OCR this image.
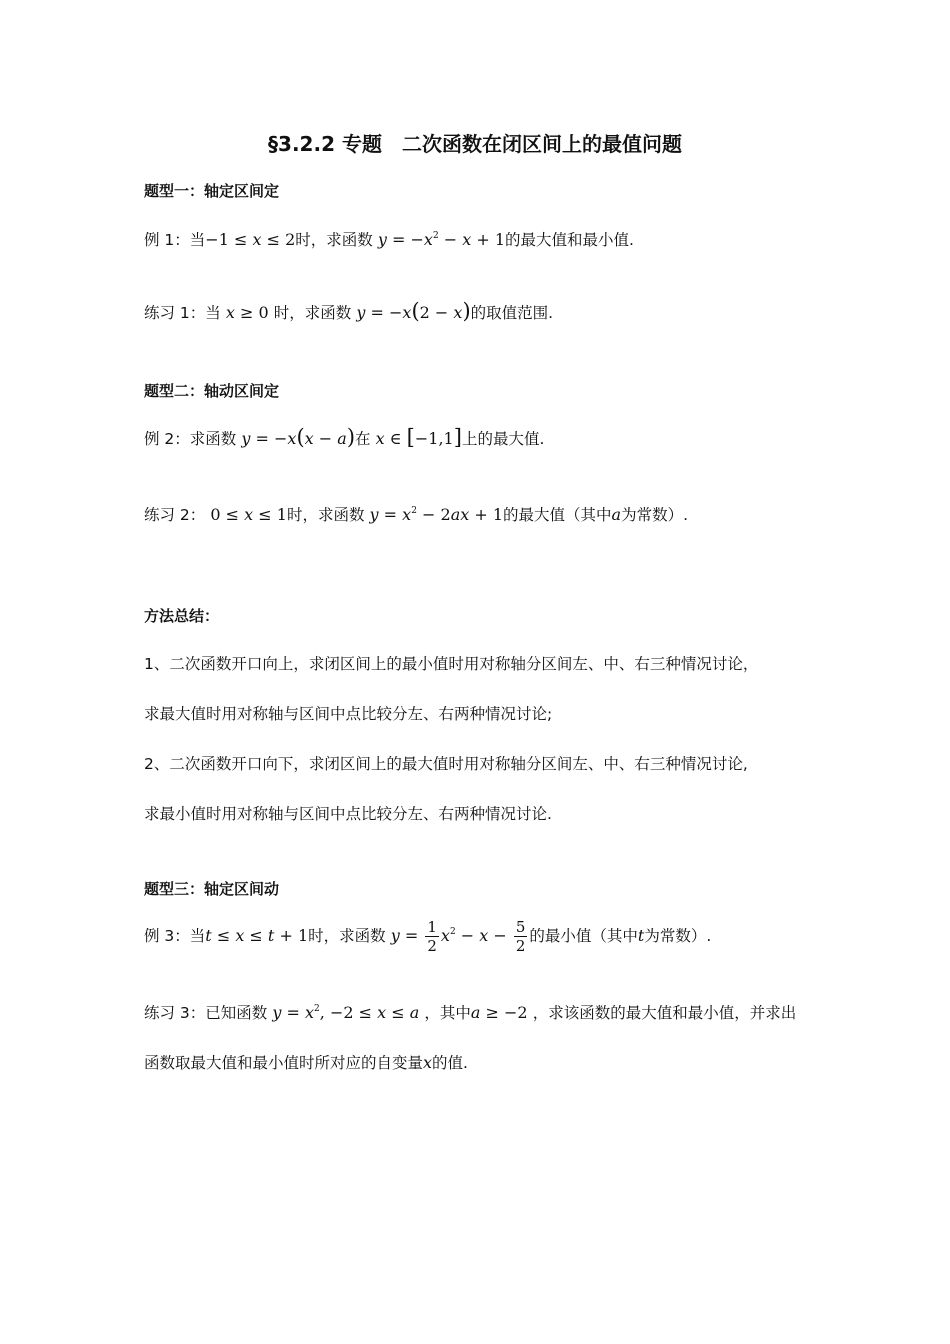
§3.2.2 专题　二次函数在闭区间上的最值问题
题型一：轴定区间定
例 1：当−1 ≤ x ≤ 2时，求函数 $y = -x^2 - x + 1$的最大值和最小值.
练习 1：当 x ≥ 0 时，求函数 y = −x(2 − x)的取值范围.
题型二：轴动区间定
例 2：求函数 y = −x(x − a)在 x ∈ [−1,1]上的最大值.
练习 2： 0 ≤ x ≤ 1时，求函数 $y = x^2 - 2ax + 1$的最大值（其中a为常数）.
方法总结：
1、二次函数开口向上，求闭区间上的最小值时用对称轴分区间左、中、右三种情况讨论，
求最大值时用对称轴与区间中点比较分左、右两种情况讨论;
2、二次函数开口向下，求闭区间上的最大值时用对称轴分区间左、中、右三种情况讨论,
求最小值时用对称轴与区间中点比较分左、右两种情况讨论.
题型三：轴定区间动
例 3：当t ≤ x ≤ t + 1时，求函数 $y = \frac{1}{2} x^2 - x - \frac{5}{2}$ 的最小值（其中t为常数）.
练习 3：已知函数 $y = x^2$, −2 ≤ x ≤ a ，其中a ≥ −2 ，求该函数的最大值和最小值，并求出
函数取最大值和最小值时所对应的自变量x的值.
